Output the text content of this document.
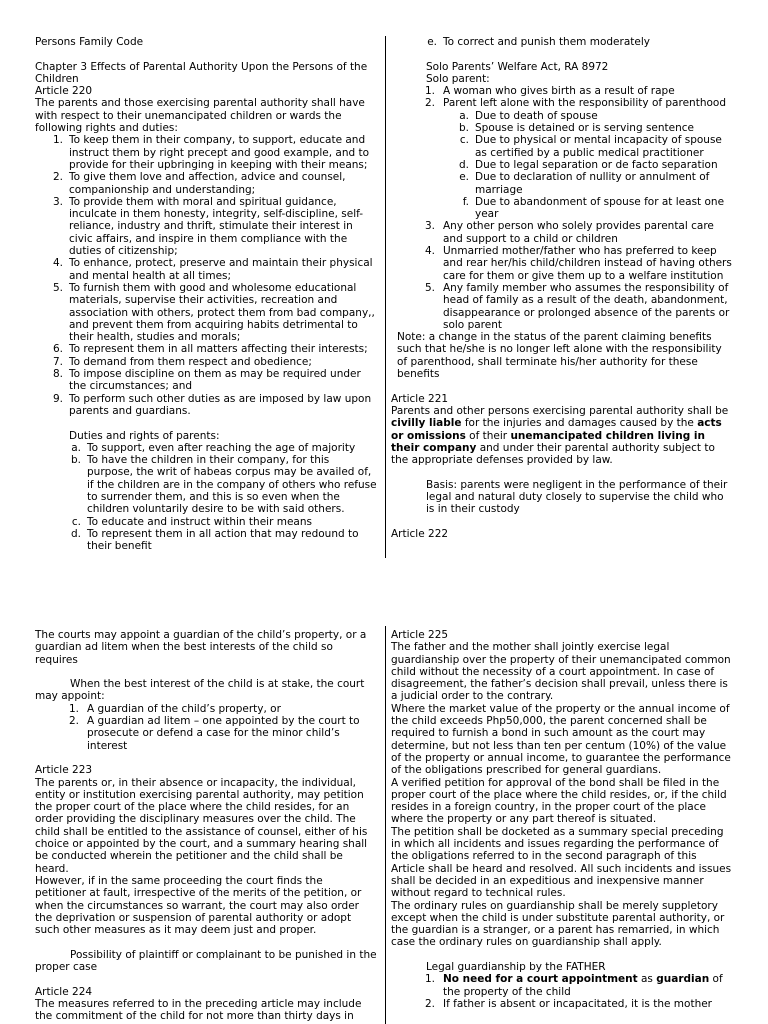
Persons Family Code

Chapter 3 Effects of Parental Authority Upon the Persons of the Children

Article 220

The parents and those exercising parental authority shall have with respect to their unemancipated children or wards the following rights and duties:

1. To keep them in their company, to support, educate and instruct them by right precept and good example, and to provide for their upbringing in keeping with their means;
2. To give them love and affection, advice and counsel, companionship and understanding;
3. To provide them with moral and spiritual guidance, inculcate in them honesty, integrity, self-discipline, self-reliance, industry and thrift, stimulate their interest in civic affairs, and inspire in them compliance with the duties of citizenship;
4. To enhance, protect, preserve and maintain their physical and mental health at all times;
5. To furnish them with good and wholesome educational materials, supervise their activities, recreation and association with others, protect them from bad company,, and prevent them from acquiring habits detrimental to their health, studies and morals;
6. To represent them in all matters affecting their interests;
7. To demand from them respect and obedience;
8. To impose discipline on them as may be required under the circumstances; and
9. To perform such other duties as are imposed by law upon parents and guardians.

Duties and rights of parents:

a. To support, even after reaching the age of majority
b. To have the children in their company, for this purpose, the writ of habeas corpus may be availed of, if the children are in the company of others who refuse to surrender them, and this is so even when the children voluntarily desire to be with said others.
c. To educate and instruct within their means
d. To represent them in all action that may redound to their benefit
e. To correct and punish them moderately

Solo Parents’ Welfare Act, RA 8972

Solo parent:

1. A woman who gives birth as a result of rape
2. Parent left alone with the responsibility of parenthood
a. Due to death of spouse
b. Spouse is detained or is serving sentence
c. Due to physical or mental incapacity of spouse as certified by a public medical practitioner
d. Due to legal separation or de facto separation
e. Due to declaration of nullity or annulment of marriage
f. Due to abandonment of spouse for at least one year
3. Any other person who solely provides parental care and support to a child or children
4. Unmarried mother/father who has preferred to keep and rear her/his child/children instead of having others care for them or give them up to a welfare institution
5. Any family member who assumes the responsibility of head of family as a result of the death, abandonment, disappearance or prolonged absence of the parents or solo parent

Note: a change in the status of the parent claiming benefits such that he/she is no longer left alone with the responsibility of parenthood, shall terminate his/her authority for these benefits

Article 221

Parents and other persons exercising parental authority shall be civilly liable for the injuries and damages caused by the acts or omissions of their unemancipated children living in their company and under their parental authority subject to the appropriate defenses provided by law.

Basis: parents were negligent in the performance of their legal and natural duty closely to supervise the child who is in their custody

Article 222

The courts may appoint a guardian of the child’s property, or a guardian ad litem when the best interests of the child so requires

When the best interest of the child is at stake, the court may appoint:

1. A guardian of the child’s property, or
2. A guardian ad litem – one appointed by the court to prosecute or defend a case for the minor child’s interest

Article 223

The parents or, in their absence or incapacity, the individual, entity or institution exercising parental authority, may petition the proper court of the place where the child resides, for an order providing the disciplinary measures over the child. The child shall be entitled to the assistance of counsel, either of his choice or appointed by the court, and a summary hearing shall be conducted wherein the petitioner and the child shall be heard.

However, if in the same proceeding the court finds the petitioner at fault, irrespective of the merits of the petition, or when the circumstances so warrant, the court may also order the deprivation or suspension of parental authority or adopt such other measures as it may deem just and proper.

Possibility of plaintiff or complainant to be punished in the proper case

Article 224

The measures referred to in the preceding article may include the commitment of the child for not more than thirty days in

Article 225

The father and the mother shall jointly exercise legal guardianship over the property of their unemancipated common child without the necessity of a court appointment. In case of disagreement, the father’s decision shall prevail, unless there is a judicial order to the contrary.

Where the market value of the property or the annual income of the child exceeds Php50,000, the parent concerned shall be required to furnish a bond in such amount as the court may determine, but not less than ten per centum (10%) of the value of the property or annual income, to guarantee the performance of the obligations prescribed for general guardians.

A verified petition for approval of the bond shall be filed in the proper court of the place where the child resides, or, if the child resides in a foreign country, in the proper court of the place where the property or any part thereof is situated.

The petition shall be docketed as a summary special preceding in which all incidents and issues regarding the performance of the obligations referred to in the second paragraph of this Article shall be heard and resolved. All such incidents and issues shall be decided in an expeditious and inexpensive manner without regard to technical rules.

The ordinary rules on guardianship shall be merely suppletory except when the child is under substitute parental authority, or the guardian is a stranger, or a parent has remarried, in which case the ordinary rules on guardianship shall apply.

Legal guardianship by the FATHER

1. No need for a court appointment as guardian of the property of the child
2. If father is absent or incapacitated, it is the mother
